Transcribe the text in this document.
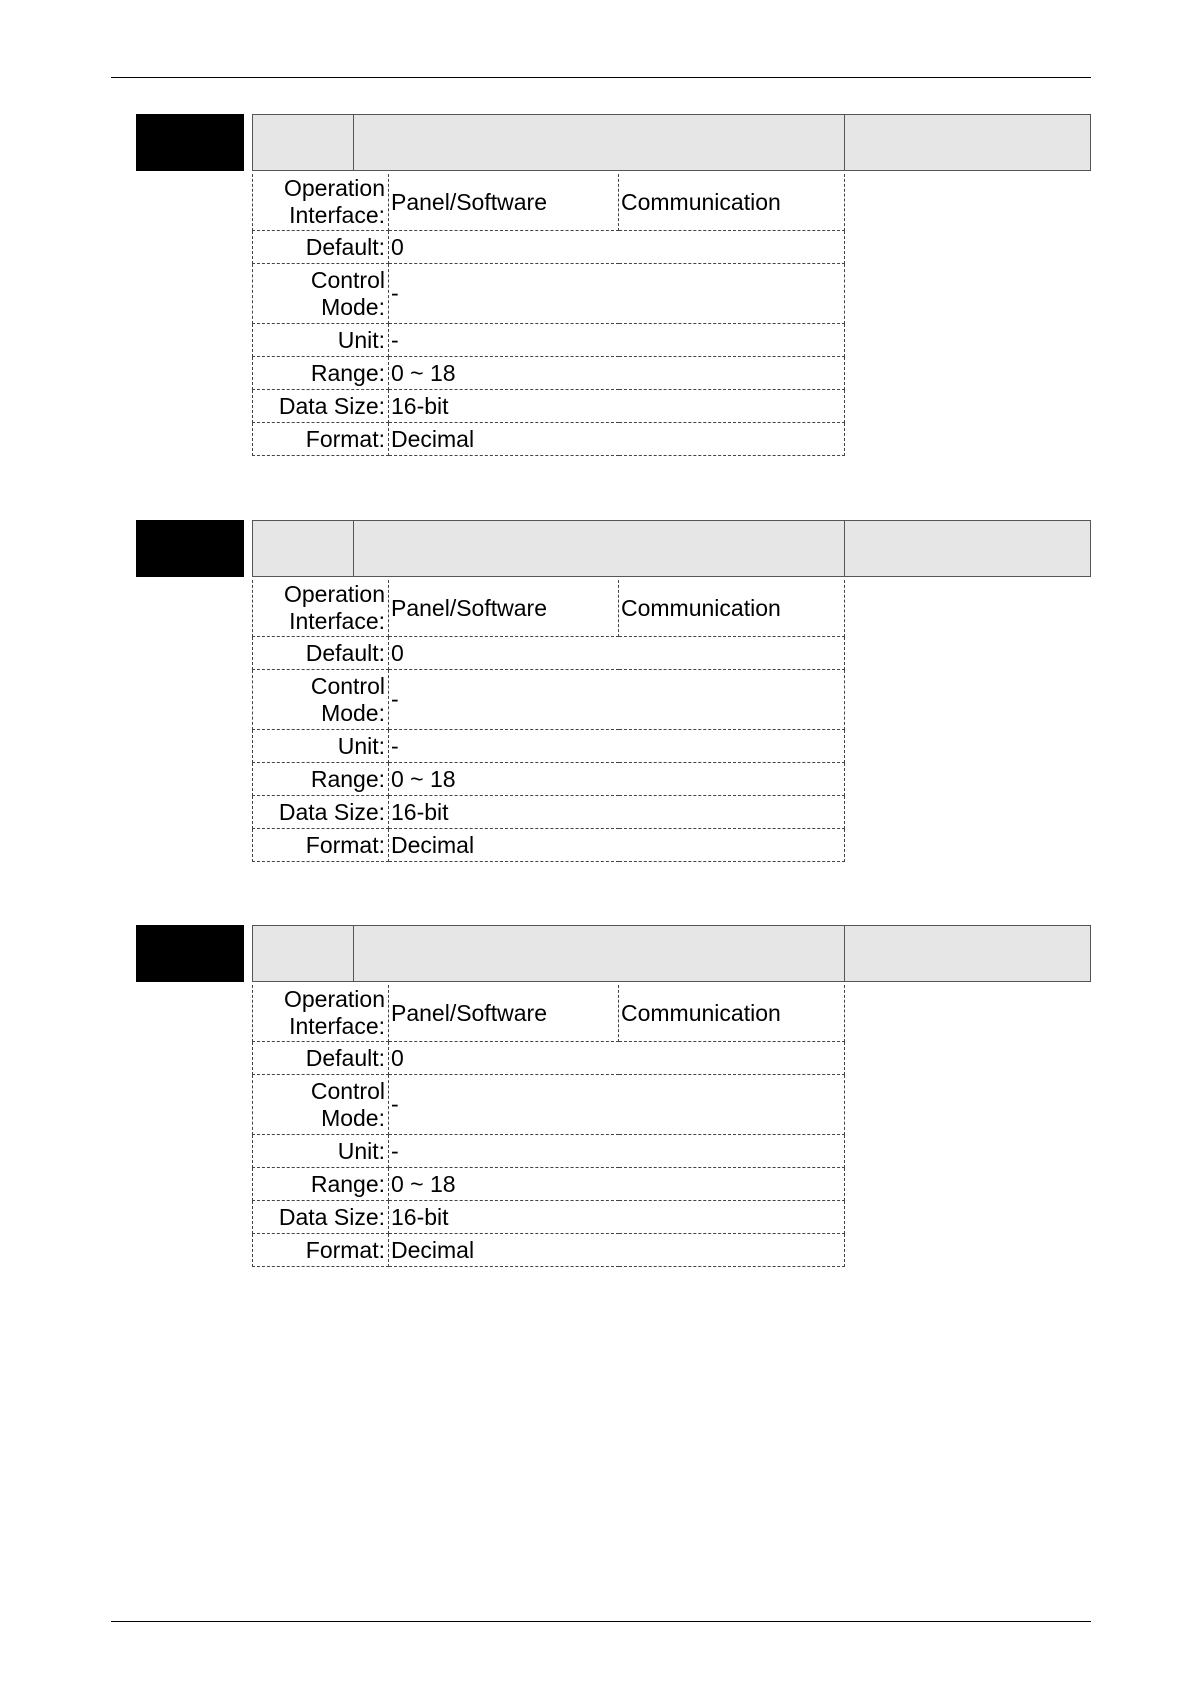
Operation Interface:	Panel/Software	Communication
Default:	0	
Control Mode:	-	
Unit:	-	
Range:	0 ~ 18	
Data Size:	16-bit	
Format:	Decimal	
Operation Interface:	Panel/Software	Communication
Default:	0	
Control Mode:	-	
Unit:	-	
Range:	0 ~ 18	
Data Size:	16-bit	
Format:	Decimal	
Operation Interface:	Panel/Software	Communication
Default:	0	
Control Mode:	-	
Unit:	-	
Range:	0 ~ 18	
Data Size:	16-bit	
Format:	Decimal	
